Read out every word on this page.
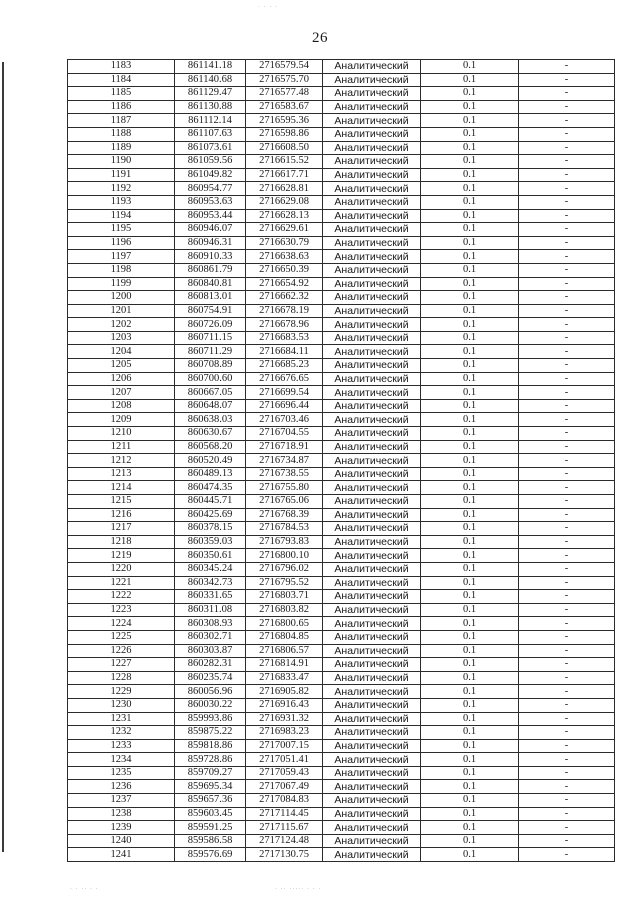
· · · ·
· · ·· · ·	· ·· ····· · · ·
26
1183	861141.18	2716579.54	Аналитический	0.1	-
1184	861140.68	2716575.70	Аналитический	0.1	-
1185	861129.47	2716577.48	Аналитический	0.1	-
1186	861130.88	2716583.67	Аналитический	0.1	-
1187	861112.14	2716595.36	Аналитический	0.1	-
1188	861107.63	2716598.86	Аналитический	0.1	-
1189	861073.61	2716608.50	Аналитический	0.1	-
1190	861059.56	2716615.52	Аналитический	0.1	-
1191	861049.82	2716617.71	Аналитический	0.1	-
1192	860954.77	2716628.81	Аналитический	0.1	-
1193	860953.63	2716629.08	Аналитический	0.1	-
1194	860953.44	2716628.13	Аналитический	0.1	-
1195	860946.07	2716629.61	Аналитический	0.1	-
1196	860946.31	2716630.79	Аналитический	0.1	-
1197	860910.33	2716638.63	Аналитический	0.1	-
1198	860861.79	2716650.39	Аналитический	0.1	-
1199	860840.81	2716654.92	Аналитический	0.1	-
1200	860813.01	2716662.32	Аналитический	0.1	-
1201	860754.91	2716678.19	Аналитический	0.1	-
1202	860726.09	2716678.96	Аналитический	0.1	-
1203	860711.15	2716683.53	Аналитический	0.1	-
1204	860711.29	2716684.11	Аналитический	0.1	-
1205	860708.89	2716685.23	Аналитический	0.1	-
1206	860700.60	2716676.65	Аналитический	0.1	-
1207	860667.05	2716699.54	Аналитический	0.1	-
1208	860648.07	2716696.44	Аналитический	0.1	-
1209	860638.03	2716703.46	Аналитический	0.1	-
1210	860630.67	2716704.55	Аналитический	0.1	-
1211	860568.20	2716718.91	Аналитический	0.1	-
1212	860520.49	2716734.87	Аналитический	0.1	-
1213	860489.13	2716738.55	Аналитический	0.1	-
1214	860474.35	2716755.80	Аналитический	0.1	-
1215	860445.71	2716765.06	Аналитический	0.1	-
1216	860425.69	2716768.39	Аналитический	0.1	-
1217	860378.15	2716784.53	Аналитический	0.1	-
1218	860359.03	2716793.83	Аналитический	0.1	-
1219	860350.61	2716800.10	Аналитический	0.1	-
1220	860345.24	2716796.02	Аналитический	0.1	-
1221	860342.73	2716795.52	Аналитический	0.1	-
1222	860331.65	2716803.71	Аналитический	0.1	-
1223	860311.08	2716803.82	Аналитический	0.1	-
1224	860308.93	2716800.65	Аналитический	0.1	-
1225	860302.71	2716804.85	Аналитический	0.1	-
1226	860303.87	2716806.57	Аналитический	0.1	-
1227	860282.31	2716814.91	Аналитический	0.1	-
1228	860235.74	2716833.47	Аналитический	0.1	-
1229	860056.96	2716905.82	Аналитический	0.1	-
1230	860030.22	2716916.43	Аналитический	0.1	-
1231	859993.86	2716931.32	Аналитический	0.1	-
1232	859875.22	2716983.23	Аналитический	0.1	-
1233	859818.86	2717007.15	Аналитический	0.1	-
1234	859728.86	2717051.41	Аналитический	0.1	-
1235	859709.27	2717059.43	Аналитический	0.1	-
1236	859695.34	2717067.49	Аналитический	0.1	-
1237	859657.36	2717084.83	Аналитический	0.1	-
1238	859603.45	2717114.45	Аналитический	0.1	-
1239	859591.25	2717115.67	Аналитический	0.1	-
1240	859586.58	2717124.48	Аналитический	0.1	-
1241	859576.69	2717130.75	Аналитический	0.1	-
